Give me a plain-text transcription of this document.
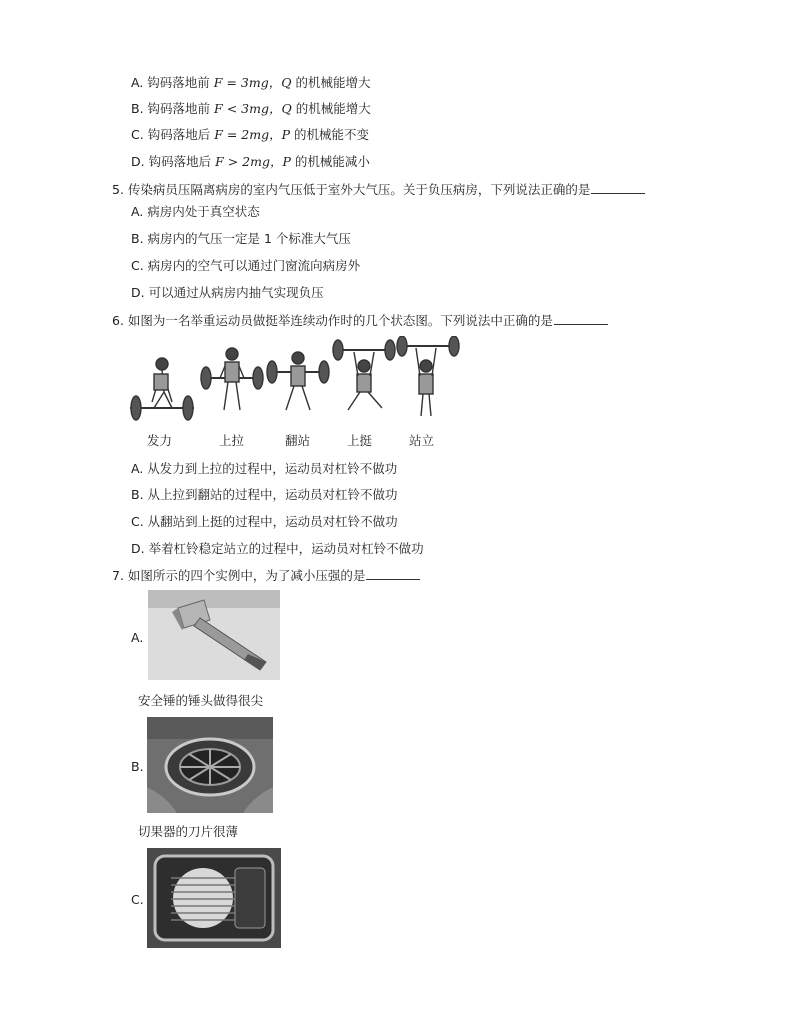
A. 钩码落地前 F = 3mg，Q 的机械能增大
B. 钩码落地前 F < 3mg，Q 的机械能增大
C. 钩码落地后 F = 2mg，P 的机械能不变
D. 钩码落地后 F > 2mg，P 的机械能减小
5. 传染病员压隔离病房的室内气压低于室外大气压。关于负压病房，下列说法正确的是
A. 病房内处于真空状态
B. 病房内的气压一定是 1 个标准大气压
C. 病房内的空气可以通过门窗流向病房外
D. 可以通过从病房内抽气实现负压
6. 如图为一名举重运动员做挺举连续动作时的几个状态图。下列说法中正确的是
发力	上拉	翻站	上挺	站立
A. 从发力到上拉的过程中，运动员对杠铃不做功
B. 从上拉到翻站的过程中，运动员对杠铃不做功
C. 从翻站到上挺的过程中，运动员对杠铃不做功
D. 举着杠铃稳定站立的过程中，运动员对杠铃不做功
7. 如图所示的四个实例中，为了减小压强的是
A.
安全锤的锤头做得很尖
B.
切果器的刀片很薄
C.
